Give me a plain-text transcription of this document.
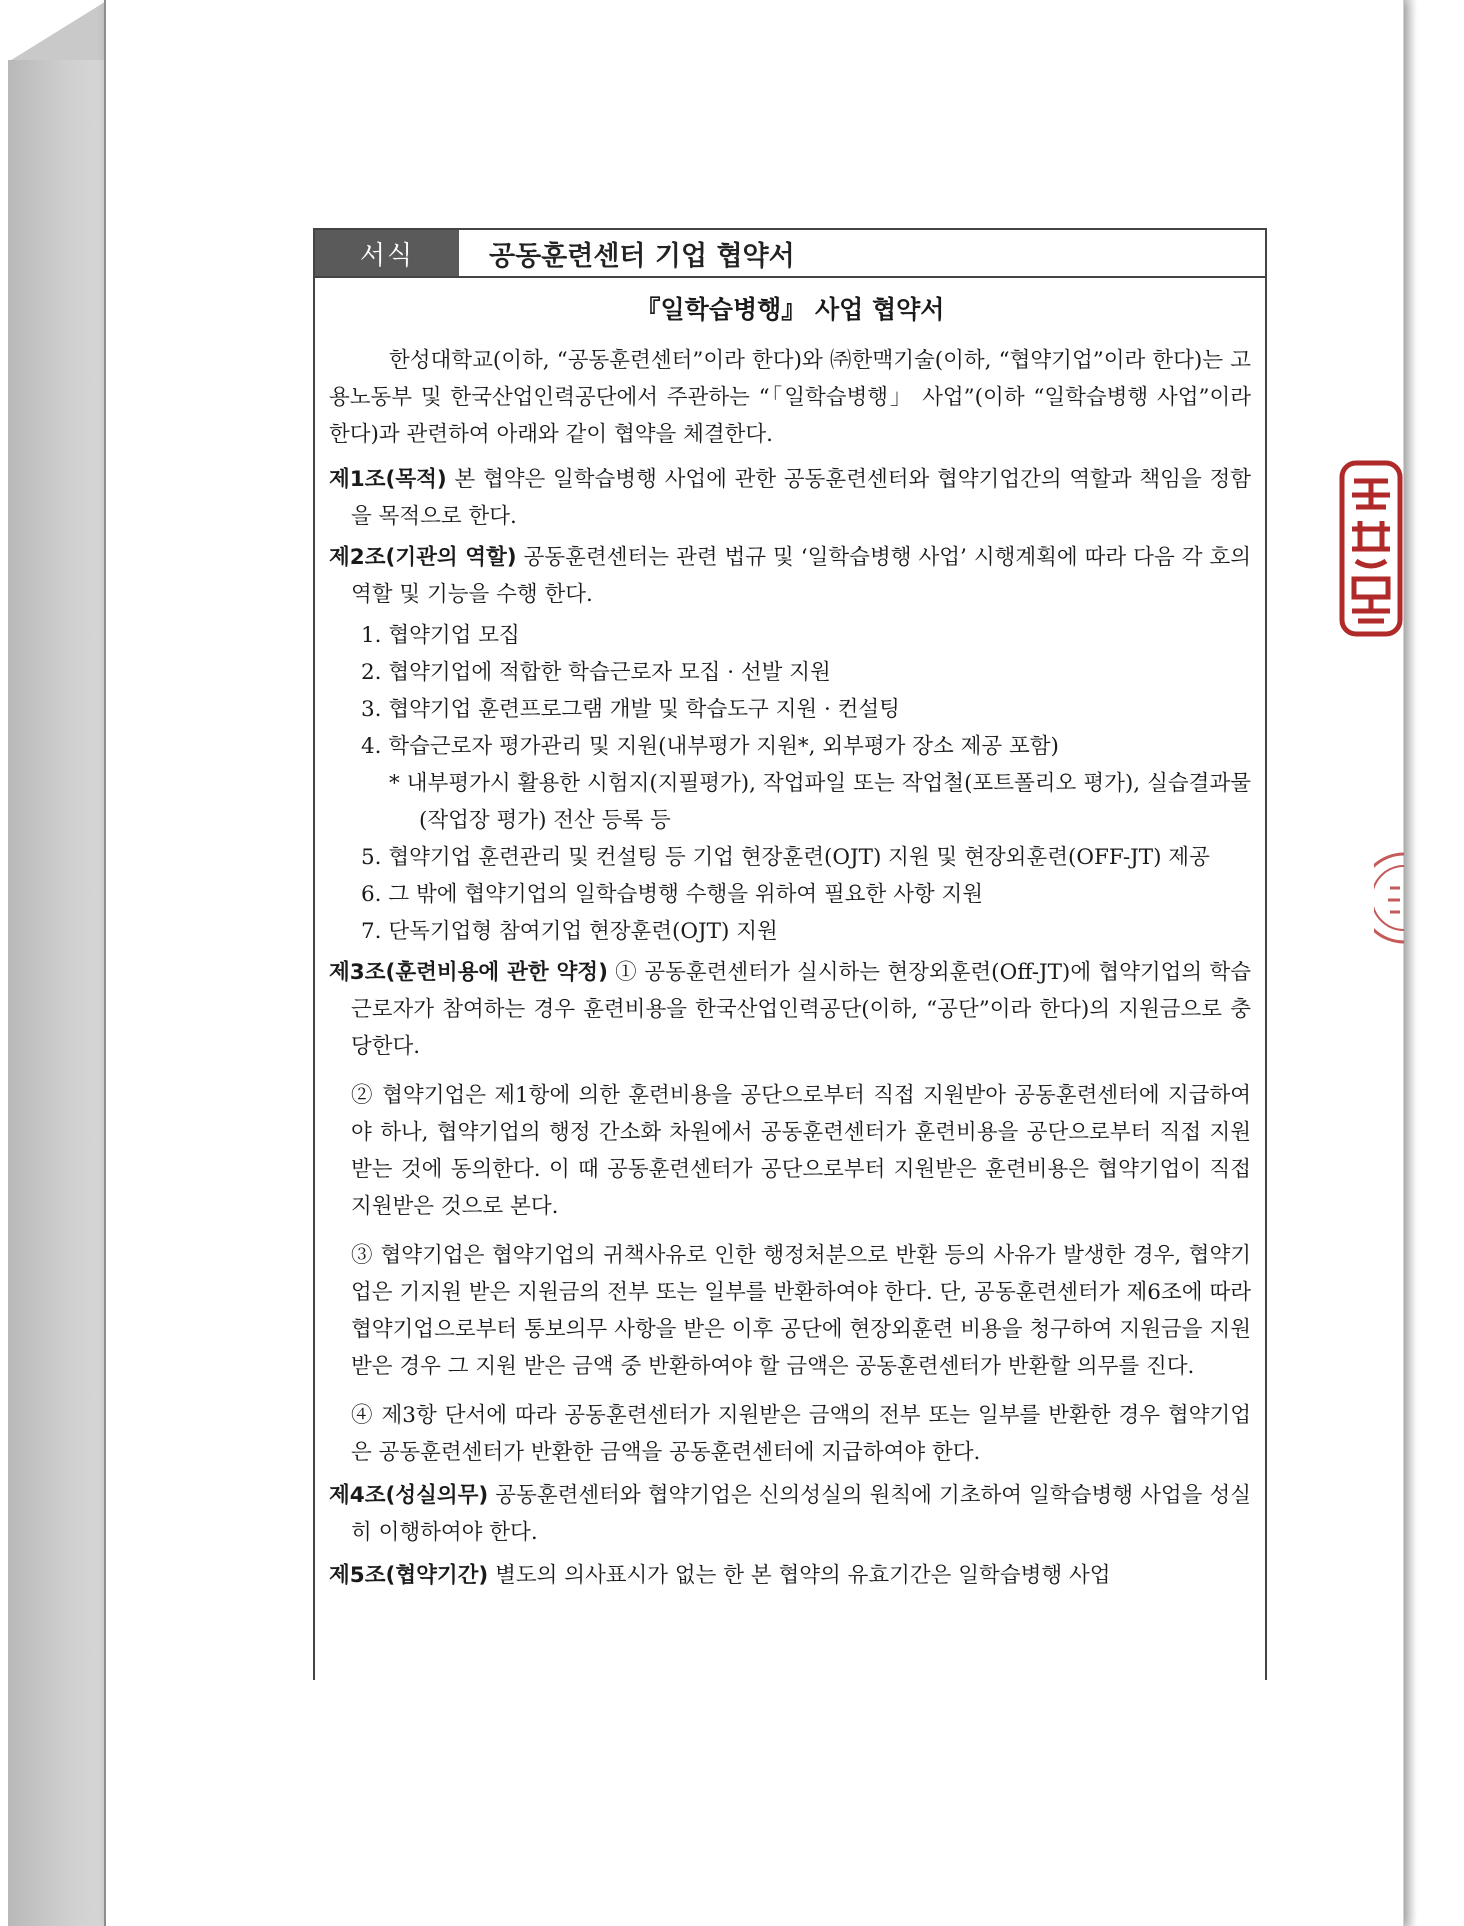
서식	공동훈련센터 기업 협약서
『일학습병행』 사업 협약서

한성대학교(이하, “공동훈련센터”이라 한다)와 ㈜한맥기술(이하, “협약기업”이라 한다)는 고용노동부 및 한국산업인력공단에서 주관하는 “「일학습병행」 사업”(이하 “일학습병행 사업”이라 한다)과 관련하여 아래와 같이 협약을 체결한다.

제1조(목적) 본 협약은 일학습병행 사업에 관한 공동훈련센터와 협약기업간의 역할과 책임을 정함을 목적으로 한다.

제2조(기관의 역할) 공동훈련센터는 관련 법규 및 ‘일학습병행 사업’ 시행계획에 따라 다음 각 호의 역할 및 기능을 수행 한다.

1. 협약기업 모집
2. 협약기업에 적합한 학습근로자 모집 · 선발 지원
3. 협약기업 훈련프로그램 개발 및 학습도구 지원 · 컨설팅
4. 학습근로자 평가관리 및 지원(내부평가 지원*, 외부평가 장소 제공 포함)

* 내부평가시 활용한 시험지(지필평가), 작업파일 또는 작업철(포트폴리오 평가), 실습결과물(작업장 평가) 전산 등록 등

5. 협약기업 훈련관리 및 컨설팅 등 기업 현장훈련(OJT) 지원 및 현장외훈련(OFF-JT) 제공
6. 그 밖에 협약기업의 일학습병행 수행을 위하여 필요한 사항 지원
7. 단독기업형 참여기업 현장훈련(OJT) 지원

제3조(훈련비용에 관한 약정) ① 공동훈련센터가 실시하는 현장외훈련(Off-JT)에 협약기업의 학습근로자가 참여하는 경우 훈련비용을 한국산업인력공단(이하, “공단”이라 한다)의 지원금으로 충당한다.

② 협약기업은 제1항에 의한 훈련비용을 공단으로부터 직접 지원받아 공동훈련센터에 지급하여야 하나, 협약기업의 행정 간소화 차원에서 공동훈련센터가 훈련비용을 공단으로부터 직접 지원받는 것에 동의한다. 이 때 공동훈련센터가 공단으로부터 지원받은 훈련비용은 협약기업이 직접 지원받은 것으로 본다.

③ 협약기업은 협약기업의 귀책사유로 인한 행정처분으로 반환 등의 사유가 발생한 경우, 협약기업은 기지원 받은 지원금의 전부 또는 일부를 반환하여야 한다. 단, 공동훈련센터가 제6조에 따라 협약기업으로부터 통보의무 사항을 받은 이후 공단에 현장외훈련 비용을 청구하여 지원금을 지원 받은 경우 그 지원 받은 금액 중 반환하여야 할 금액은 공동훈련센터가 반환할 의무를 진다.

④ 제3항 단서에 따라 공동훈련센터가 지원받은 금액의 전부 또는 일부를 반환한 경우 협약기업은 공동훈련센터가 반환한 금액을 공동훈련센터에 지급하여야 한다.

제4조(성실의무) 공동훈련센터와 협약기업은 신의성실의 원칙에 기초하여 일학습병행 사업을 성실히 이행하여야 한다.

제5조(협약기간) 별도의 의사표시가 없는 한 본 협약의 유효기간은 일학습병행 사업
